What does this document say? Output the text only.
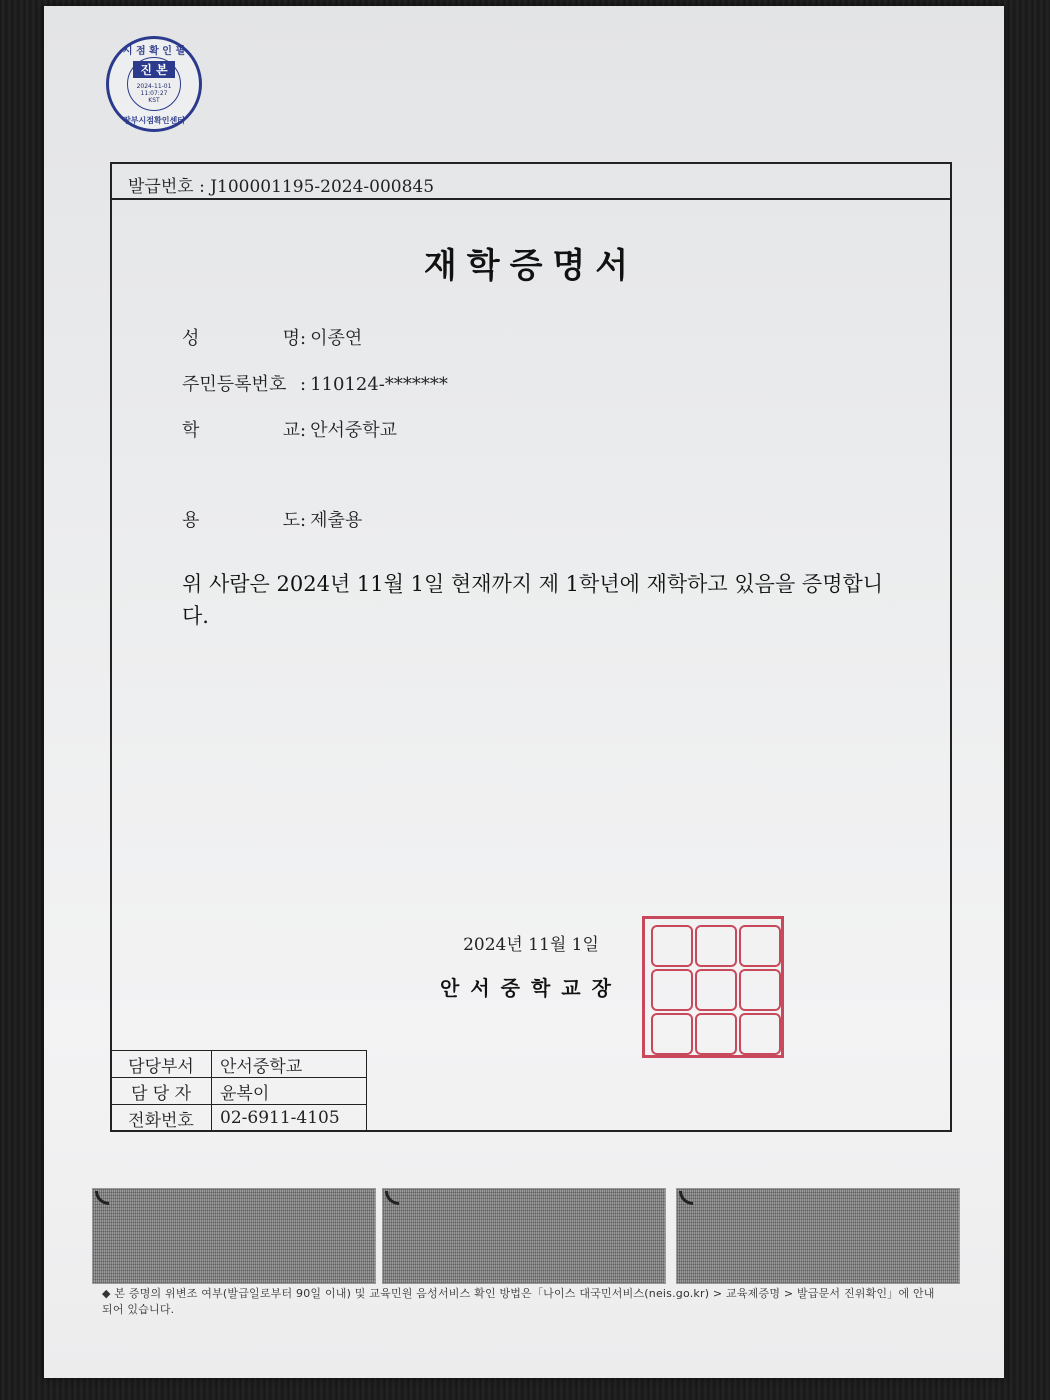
시 점 확 인 필
진 본
2024-11-01
11:07:27
KST
장부시점확인센터
발급번호 : J100001195-2024-000845
재학증명서
성	명 : 이종연
주민등록번호 : 110124-*******
학	교 : 안서중학교
용	도 : 제출용
위 사람은 2024년 11월 1일 현재까지 제 1학년에 재학하고 있음을 증명합니다.
2024년 11월 1일
안서중학교장
담당부서	안서중학교
담 당 자	윤복이
전화번호	02-6911-4105
◆ 본 증명의 위변조 여부(발급일로부터 90일 이내) 및 교육민원 음성서비스 확인 방법은「나이스 대국민서비스(neis.go.kr) > 교육제증명 > 발급문서 진위확인」에 안내되어 있습니다.
